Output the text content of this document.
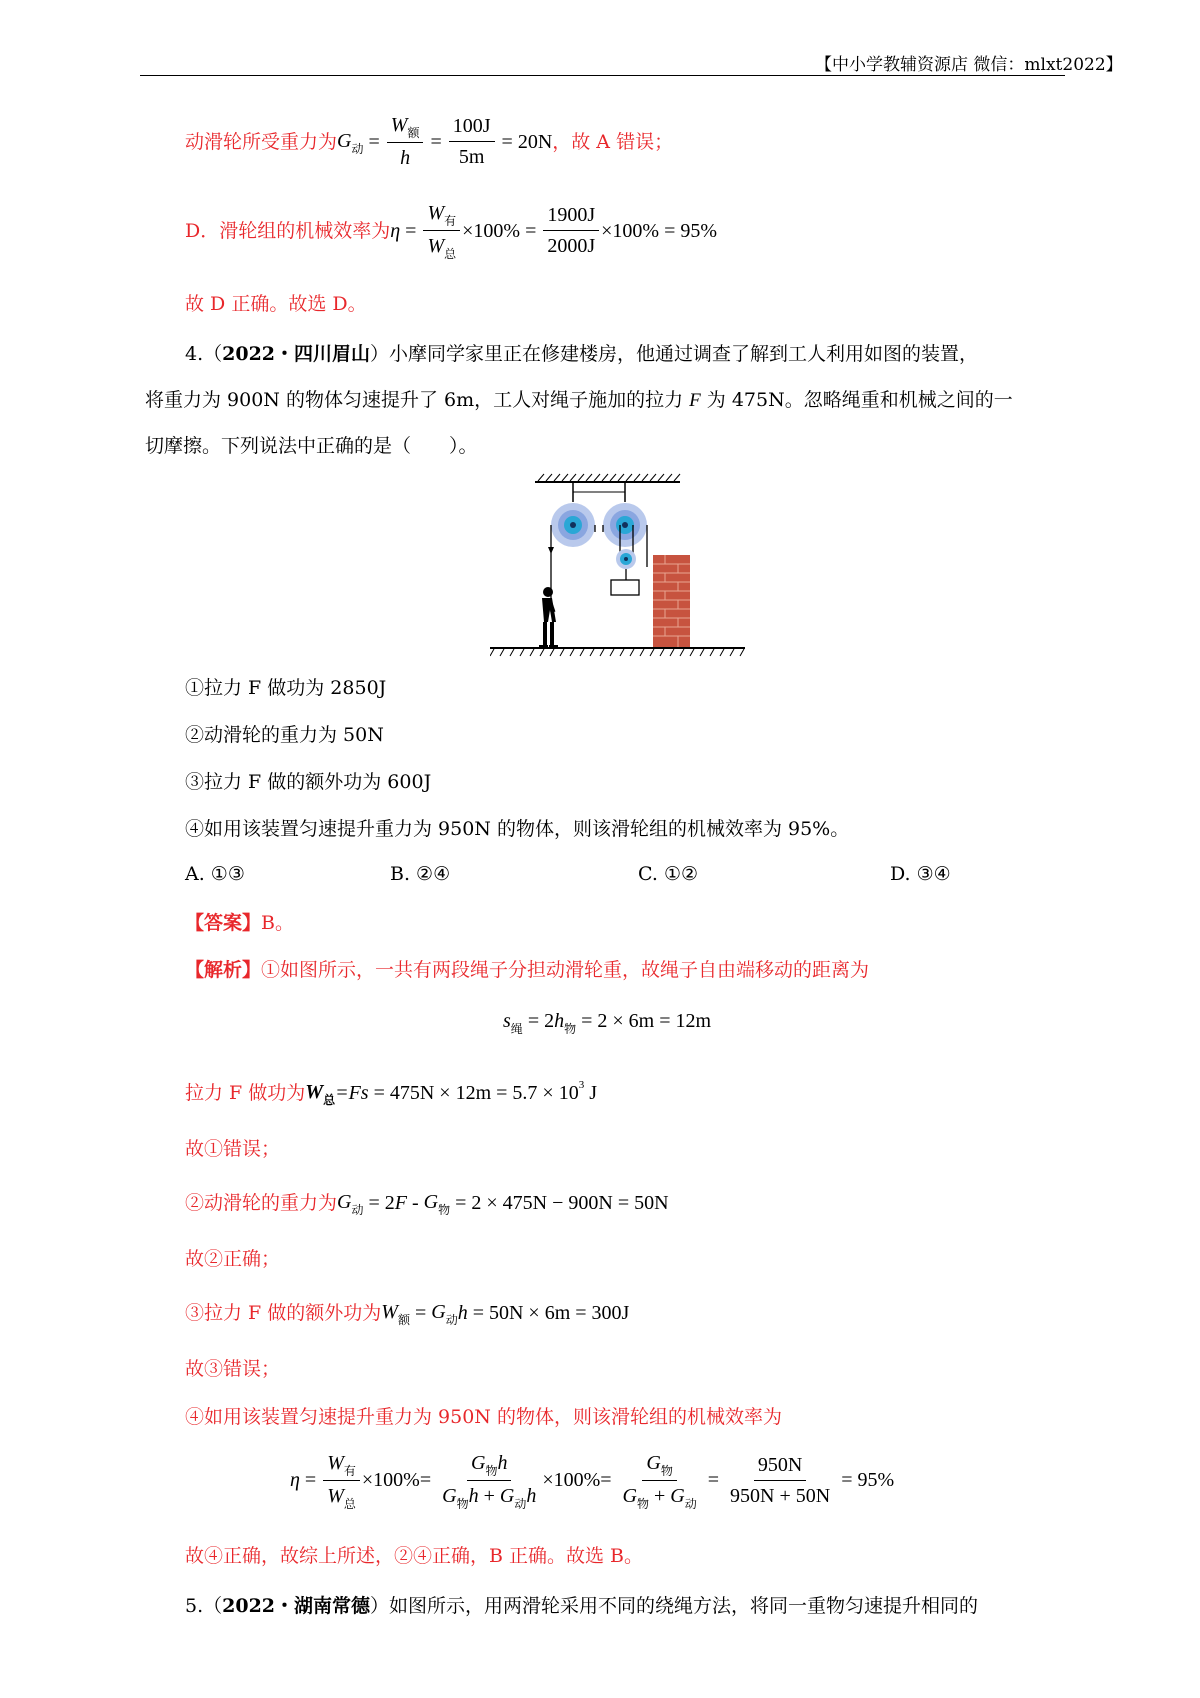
【中小学教辅资源店 微信：mlxt2022】
动滑轮所受重力为 $G_动 = \frac{W_额}{h} = \frac{100J}{5m} = 20N$ ，故 A 错误；
D．滑轮组的机械效率为 $\eta = \frac{W_有}{W_总} \times 100\% = \frac{1900J}{2000J} \times 100\% = 95\%$
故 D 正确。故选 D。
4.（2022・四川眉山）小摩同学家里正在修建楼房，他通过调查了解到工人利用如图的装置，
将重力为 900N 的物体匀速提升了 6m，工人对绳子施加的拉力 F 为 475N。忽略绳重和机械之间的一
切摩擦。下列说法中正确的是（　　）。
①拉力 F 做功为 2850J
②动滑轮的重力为 50N
③拉力 F 做的额外功为 600J
④如用该装置匀速提升重力为 950N 的物体，则该滑轮组的机械效率为 95%。
A. ①③	B. ②④	C. ①②	D. ③④
【答案】B。
【解析】①如图所示，一共有两段绳子分担动滑轮重，故绳子自由端移动的距离为
$s_绳 = 2$ $h_物 = 2 \times 6m = 12m$
拉力 F 做功为 $W_总 =Fs = 475N \times 12m = 5.7 \times 10$ 3 J
故①错误；
②动滑轮的重力为 $G_动 = 2$ $F - G_物 = 2 \times 475N - 900N = 50N$
故②正确；
③拉力 F 做的额外功为 $W_额 = G_动$ h = 50N × 6m = 300J
故③错误；
④如用该装置匀速提升重力为 950N 的物体，则该滑轮组的机械效率为
$\eta = \frac{W_有}{W_总} \times 100\%= \frac{G_物h}{G_物h + G_动h} \times 100\%= \frac{G_物}{G_物 + G_动} = \frac{950N}{950N + 50N}$
= 95%
故④正确，故综上所述，②④正确，B 正确。故选 B。
5.（2022・湖南常德）如图所示，用两滑轮采用不同的绕绳方法，将同一重物匀速提升相同的
